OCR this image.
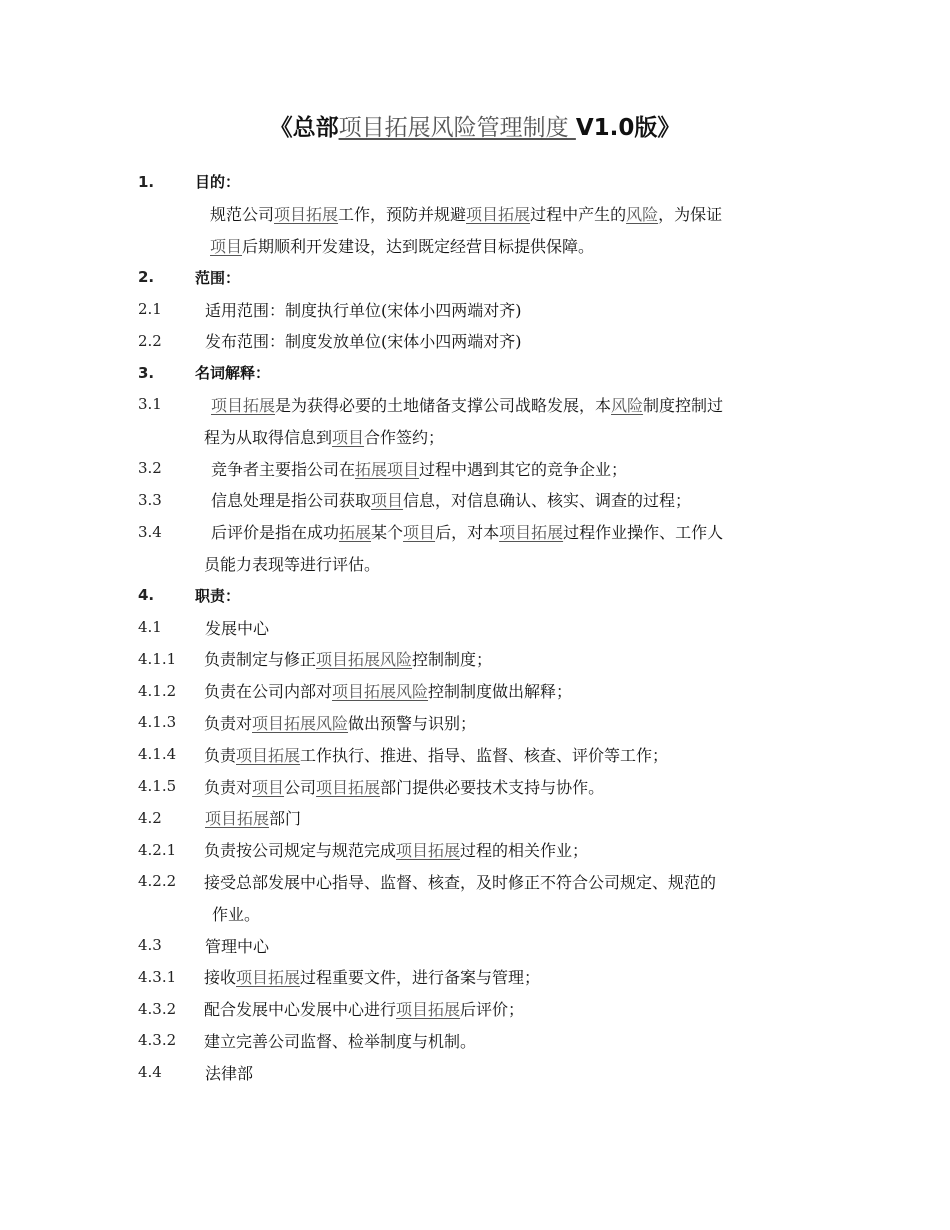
《总部项目拓展风险管理制度 V1.0版》
1.	目的：
规范公司项目拓展工作，预防并规避项目拓展过程中产生的风险，为保证
项目后期顺利开发建设，达到既定经营目标提供保障。
2.	范围：
2.1	适用范围：制度执行单位(宋体小四两端对齐)
2.2	发布范围：制度发放单位(宋体小四两端对齐)
3.	名词解释：
3.1	项目拓展是为获得必要的土地储备支撑公司战略发展，本风险制度控制过
程为从取得信息到项目合作签约；
3.2	竞争者主要指公司在拓展项目过程中遇到其它的竞争企业；
3.3	信息处理是指公司获取项目信息，对信息确认、核实、调查的过程；
3.4	后评价是指在成功拓展某个项目后，对本项目拓展过程作业操作、工作人
员能力表现等进行评估。
4.	职责：
4.1	发展中心
4.1.1	负责制定与修正项目拓展风险控制制度；
4.1.2	负责在公司内部对项目拓展风险控制制度做出解释；
4.1.3	负责对项目拓展风险做出预警与识别；
4.1.4	负责项目拓展工作执行、推进、指导、监督、核查、评价等工作；
4.1.5	负责对项目公司项目拓展部门提供必要技术支持与协作。
4.2	项目拓展部门
4.2.1	负责按公司规定与规范完成项目拓展过程的相关作业；
4.2.2	接受总部发展中心指导、监督、核查，及时修正不符合公司规定、规范的
作业。
4.3	管理中心
4.3.1	接收项目拓展过程重要文件，进行备案与管理；
4.3.2	配合发展中心发展中心进行项目拓展后评价；
4.3.2	建立完善公司监督、检举制度与机制。
4.4	法律部
